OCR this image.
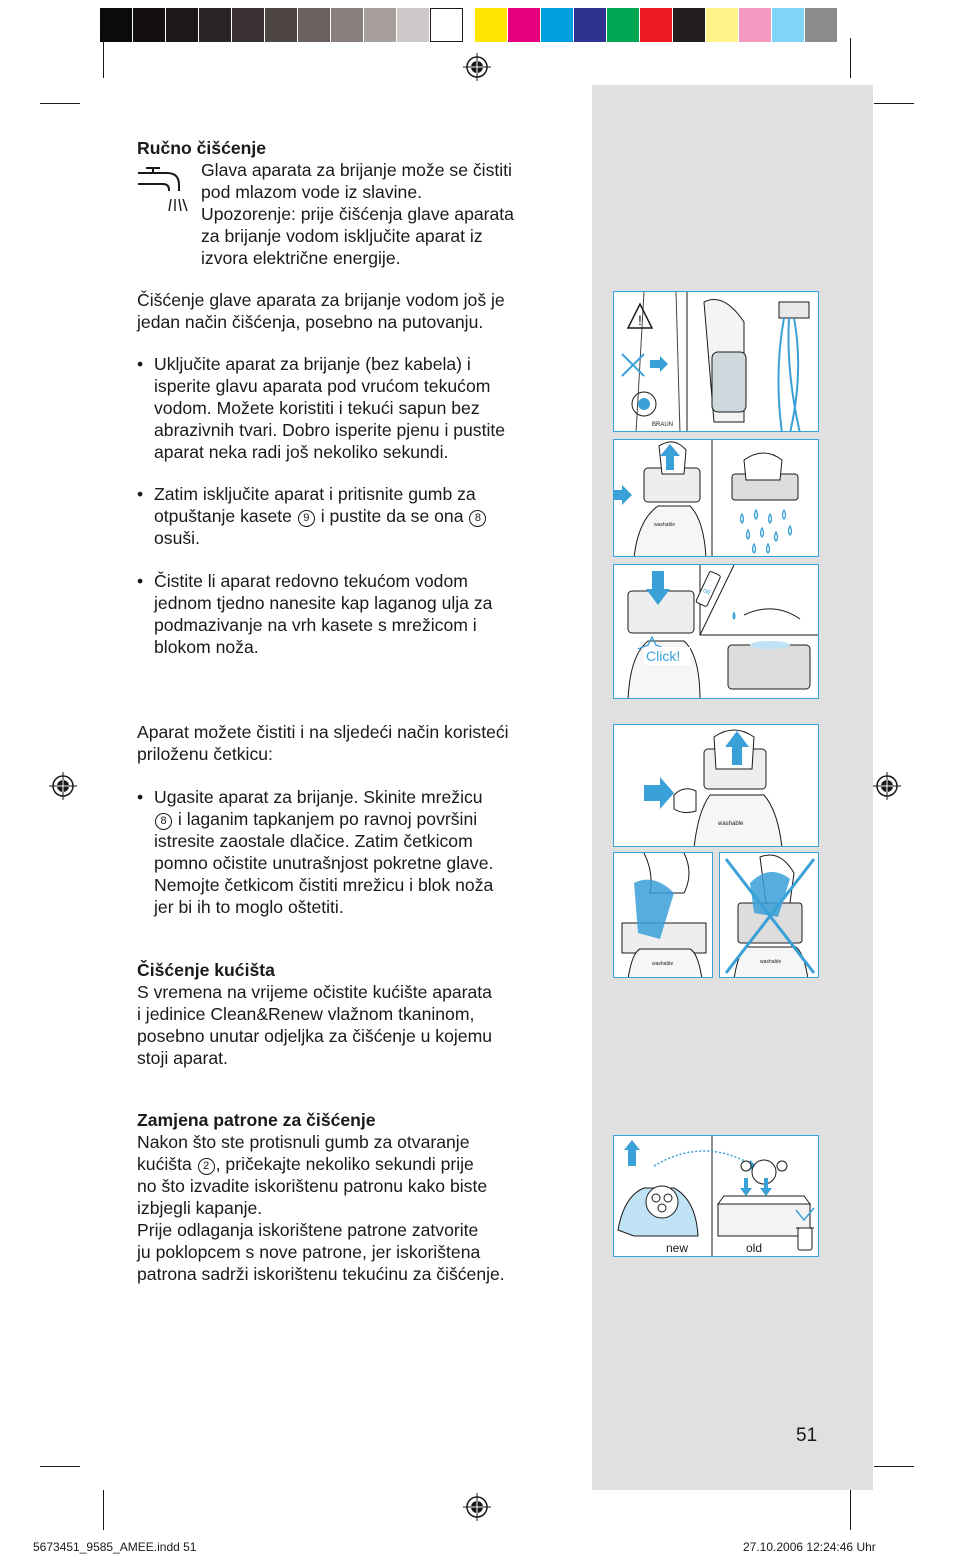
Ručno čišćenje
Glava aparata za brijanje može se čistiti
pod mlazom vode iz slavine.
Upozorenje: prije čišćenja glave aparata
za brijanje vodom isključite aparat iz
izvora električne energije.
Čišćenje glave aparata za brijanje vodom još je
jedan način čišćenja, posebno na putovanju.
• Uključite aparat za brijanje (bez kabela) i
isperite glavu aparata pod vrućom tekućom
vodom. Možete koristiti i tekući sapun bez
abrazivnih tvari. Dobro isperite pjenu i pustite
aparat neka radi još nekoliko sekundi.
• Zatim isključite aparat i pritisnite gumb za
otpuštanje kasete 9 i pustite da se ona 8
osuši.
• Čistite li aparat redovno tekućom vodom
jednom tjedno nanesite kap laganog ulja za
podmazivanje na vrh kasete s mrežicom i
blokom noža.
Aparat možete čistiti i na sljedeći način koristeći
priloženu četkicu:
• Ugasite aparat za brijanje. Skinite mrežicu
8 i laganim tapkanjem po ravnoj površini
istresite zaostale dlačice. Zatim četkicom
pomno očistite unutrašnjost pokretne glave.
Nemojte četkicom čistiti mrežicu i blok noža
jer bi ih to moglo oštetiti.
Čišćenje kućišta
S vremena na vrijeme očistite kućište aparata
i jedinice Clean&Renew vlažnom tkaninom,
posebno unutar odjeljka za čišćenje u kojemu
stoji aparat.
Zamjena patrone za čišćenje
Nakon što ste protisnuli gumb za otvaranje
kućišta 2 , pričekajte nekoliko sekundi prije
no što izvadite iskorištenu patronu kako biste
izbjegli kapanje.
Prije odlaganja iskorištene patrone zatvorite
ju poklopcem s nove patrone, jer iskorištena
patrona sadrži iskorištenu tekućinu za čišćenje.
!
BRAUN
washable
Click!
oil
washable
washable	washable
new	old
51
5673451_9585_AMEE.indd 51	27.10.2006 12:24:46 Uhr
